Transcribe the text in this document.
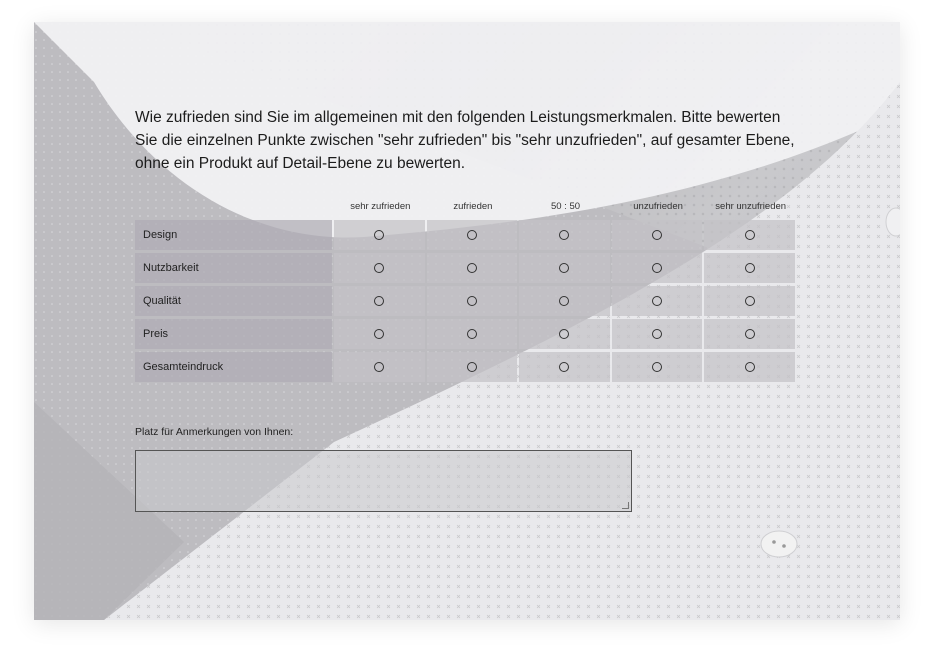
Wie zufrieden sind Sie im allgemeinen mit den folgenden Leistungsmerkmalen. Bitte bewerten Sie die einzelnen Punkte zwischen "sehr zufrieden" bis "sehr unzufrieden", auf gesamter Ebene, ohne ein Produkt auf Detail-Ebene zu bewerten.

sehr zufrieden	zufrieden	50 : 50	unzufrieden	sehr unzufrieden
Design
Nutzbarkeit
Qualität
Preis
Gesamteindruck
Platz für Anmerkungen von Ihnen:
